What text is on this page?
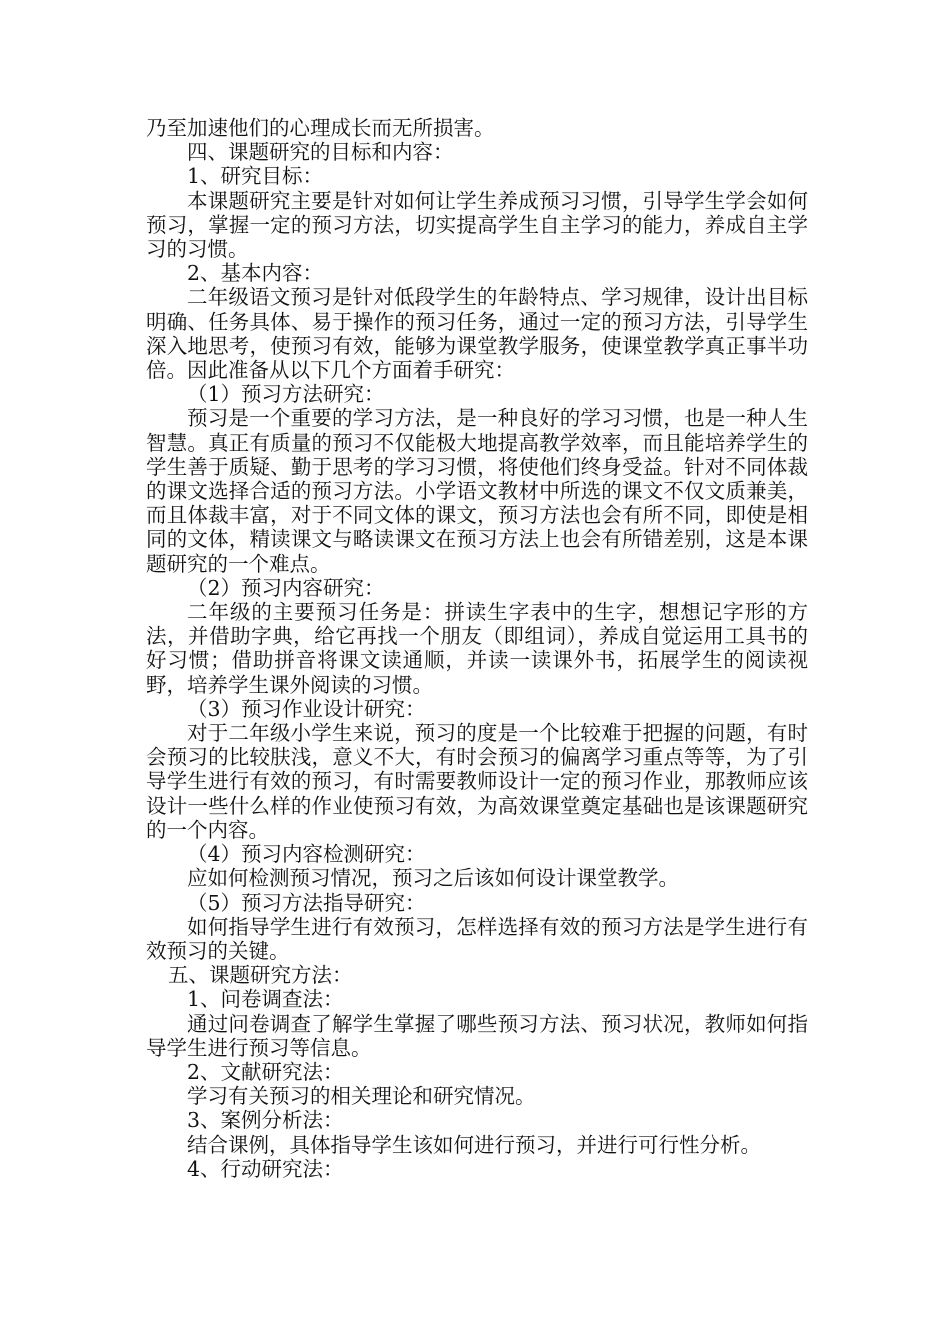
乃至加速他们的心理成长而无所损害。

四、课题研究的目标和内容：

1、研究目标：

本课题研究主要是针对如何让学生养成预习习惯，引导学生学会如何预习，掌握一定的预习方法，切实提高学生自主学习的能力，养成自主学习的习惯。

2、基本内容：

二年级语文预习是针对低段学生的年龄特点、学习规律，设计出目标明确、任务具体、易于操作的预习任务，通过一定的预习方法，引导学生深入地思考，使预习有效，能够为课堂教学服务，使课堂教学真正事半功倍。因此准备从以下几个方面着手研究：

（1）预习方法研究：

预习是一个重要的学习方法，是一种良好的学习习惯，也是一种人生智慧。真正有质量的预习不仅能极大地提高教学效率，而且能培养学生的学生善于质疑、勤于思考的学习习惯，将使他们终身受益。针对不同体裁的课文选择合适的预习方法。小学语文教材中所选的课文不仅文质兼美，而且体裁丰富，对于不同文体的课文，预习方法也会有所不同，即使是相同的文体，精读课文与略读课文在预习方法上也会有所错差别，这是本课题研究的一个难点。

（2）预习内容研究：

二年级的主要预习任务是：拼读生字表中的生字，想想记字形的方法，并借助字典，给它再找一个朋友（即组词），养成自觉运用工具书的好习惯；借助拼音将课文读通顺，并读一读课外书，拓展学生的阅读视野，培养学生课外阅读的习惯。

（3）预习作业设计研究：

对于二年级小学生来说，预习的度是一个比较难于把握的问题，有时会预习的比较肤浅，意义不大，有时会预习的偏离学习重点等等，为了引导学生进行有效的预习，有时需要教师设计一定的预习作业，那教师应该设计一些什么样的作业使预习有效，为高效课堂奠定基础也是该课题研究的一个内容。

（4）预习内容检测研究：

应如何检测预习情况，预习之后该如何设计课堂教学。

（5）预习方法指导研究：

如何指导学生进行有效预习，怎样选择有效的预习方法是学生进行有效预习的关键。

五、课题研究方法：

1、问卷调查法：

通过问卷调查了解学生掌握了哪些预习方法、预习状况，教师如何指导学生进行预习等信息。

2、文献研究法：

学习有关预习的相关理论和研究情况。

3、案例分析法：

结合课例，具体指导学生该如何进行预习，并进行可行性分析。

4、行动研究法：
